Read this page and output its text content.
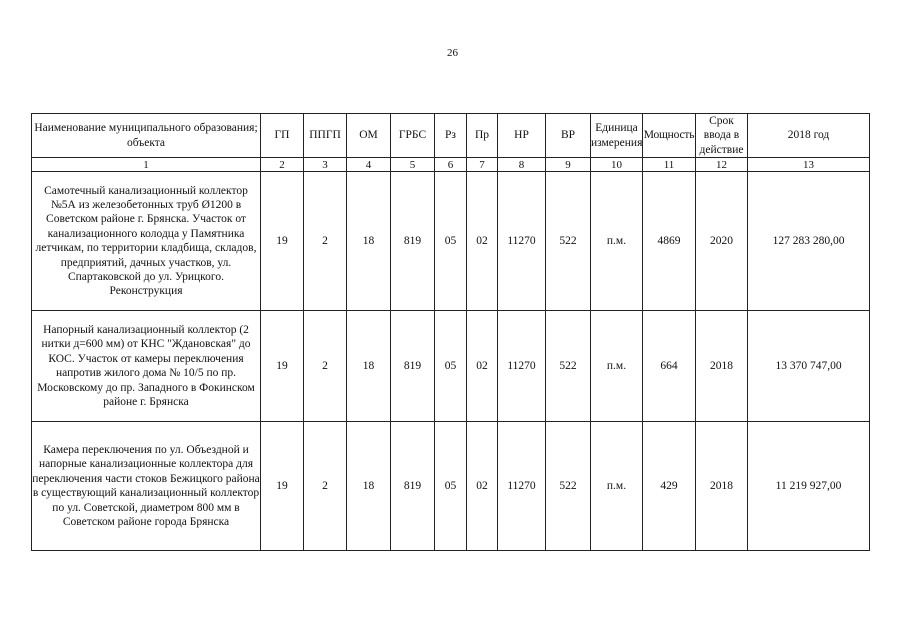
26
Наименование муниципального образования; объекта	ГП	ППГП	ОМ	ГРБС	Рз	Пр	НР	ВР	Единица измерения	Мощность	Срок ввода в действие	2018 год
1	2	3	4	5	6	7	8	9	10	11	12	13
Самотечный канализационный коллектор №5А из железобетонных труб Ø1200 в Советском районе г. Брянска. Участок от канализационного колодца у Памятника летчикам, по территории кладбища, складов, предприятий, дачных участков, ул. Спартаковской до ул. Урицкого. Реконструкция	19	2	18	819	05	02	11270	522	п.м.	4869	2020	127 283 280,00
Напорный канализационный коллектор (2 нитки д=600 мм) от КНС "Ждановская" до КОС. Участок от камеры переключения напротив жилого дома № 10/5 по пр. Московскому до пр. Западного в Фокинском районе г. Брянска	19	2	18	819	05	02	11270	522	п.м.	664	2018	13 370 747,00
Камера переключения по ул. Объездной и напорные канализационные коллектора для переключения части стоков Бежицкого района в существующий канализационный коллектор по ул. Советской, диаметром 800 мм в Советском районе города Брянска	19	2	18	819	05	02	11270	522	п.м.	429	2018	11 219 927,00
